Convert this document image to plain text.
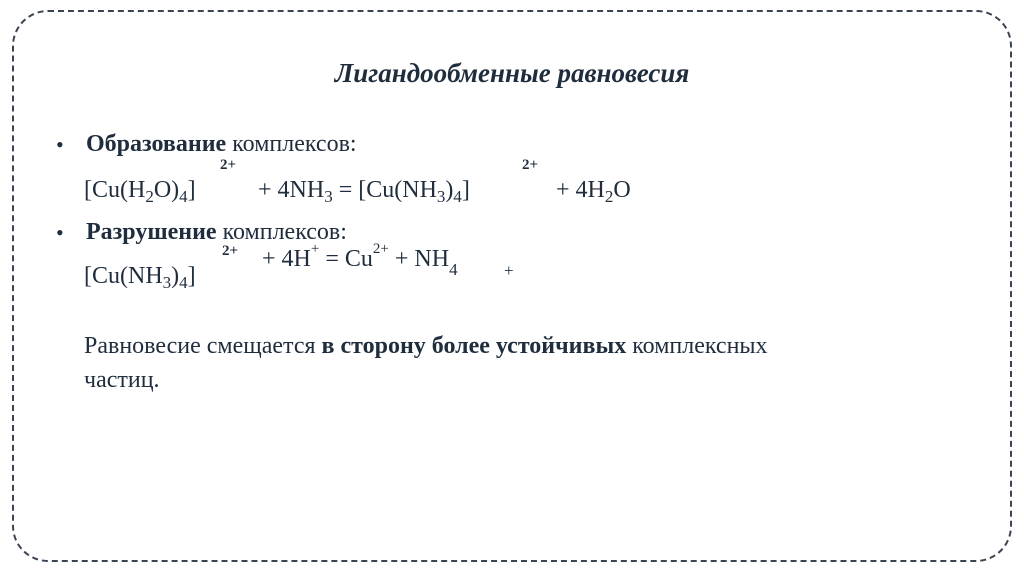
Лигандообменные равновесия
• Образование комплексов:
$[Cu(H_2O)_4]$
2+
+ $4NH_3 = [Cu(NH_3)_4]$
2+
+ $4H_2O$
• Разрушение комплексов:
$[Cu(NH_3)_4]$
$2+ + 4H^+ = Cu^{2+} + NH_4$	+
Равновесие смещается в сторону более устойчивых комплексных
частиц.
